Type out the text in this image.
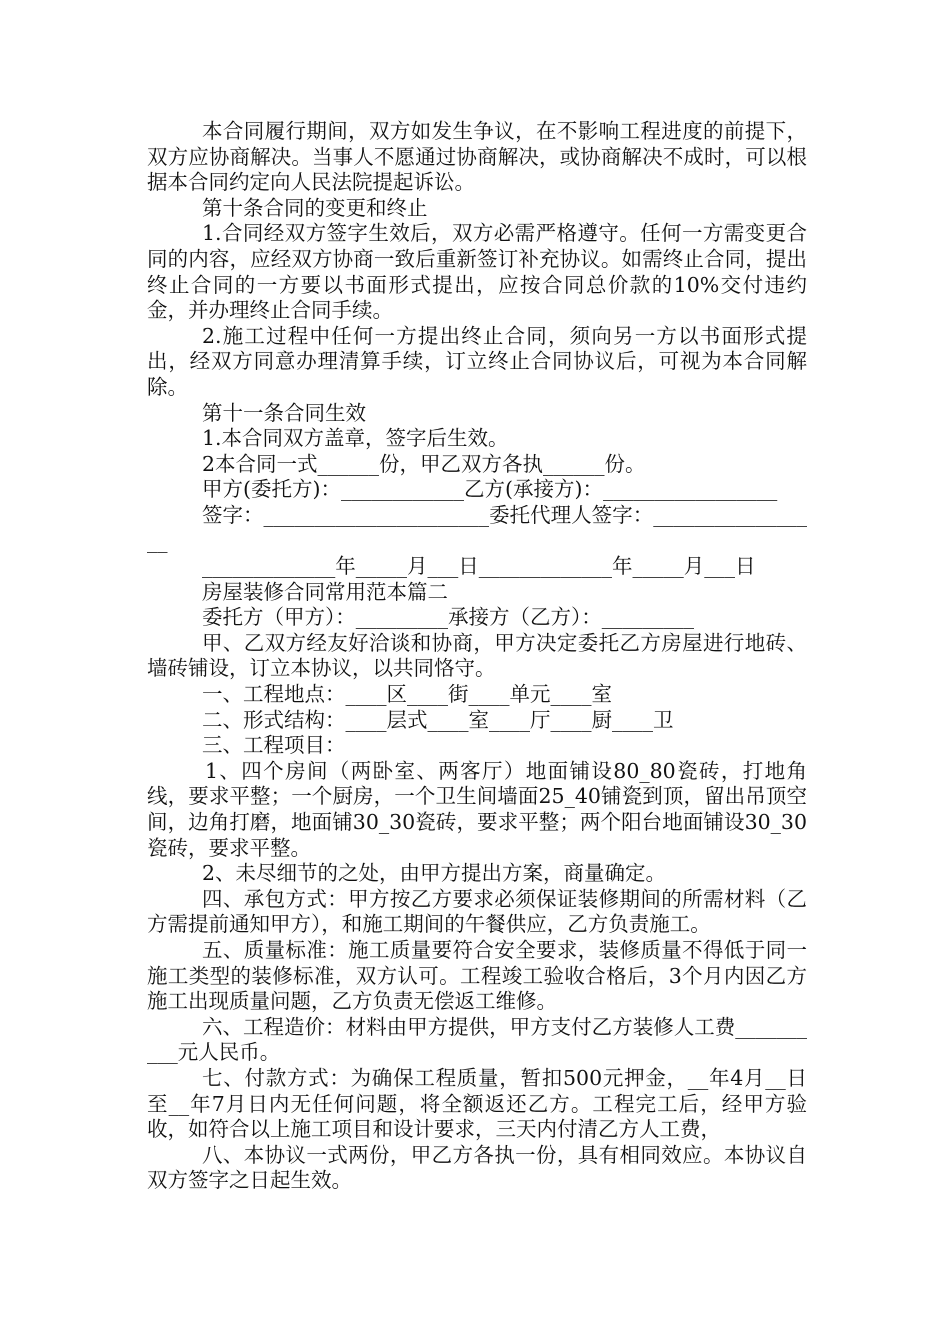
本合同履行期间，双方如发生争议，在不影响工程进度的前提下，双方应协商解决。当事人不愿通过协商解决，或协商解决不成时，可以根据本合同约定向人民法院提起诉讼。

第十条合同的变更和终止

1.合同经双方签字生效后，双方必需严格遵守。任何一方需变更合同的内容，应经双方协商一致后重新签订补充协议。如需终止合同，提出终止合同的一方要以书面形式提出，应按合同总价款的10%交付违约金，并办理终止合同手续。

2.施工过程中任何一方提出终止合同，须向另一方以书面形式提出，经双方同意办理清算手续，订立终止合同协议后，可视为本合同解除。

第十一条合同生效

1.本合同双方盖章，签字后生效。

2本合同一式______份，甲乙双方各执______份。

甲方(委托方)：____________乙方(承接方)：_________________

签字：______________________委托代理人签字：_________________

_____________年_____月___日_____________年_____月___日

房屋装修合同常用范本篇二

委托方（甲方）：_________承接方（乙方）：_________

甲、乙双方经友好洽谈和协商，甲方决定委托乙方房屋进行地砖、墙砖铺设，订立本协议，以共同恪守。

一、工程地点：____区____街____单元____室

二、形式结构：____层式____室____厅____厨____卫

三、工程项目：

1、四个房间（两卧室、两客厅）地面铺设80_80瓷砖，打地角线，要求平整；一个厨房，一个卫生间墙面25_40铺瓷到顶，留出吊顶空间，边角打磨，地面铺30_30瓷砖，要求平整；两个阳台地面铺设30_30瓷砖，要求平整。

2、未尽细节的之处，由甲方提出方案，商量确定。

四、承包方式：甲方按乙方要求必须保证装修期间的所需材料（乙方需提前通知甲方），和施工期间的午餐供应，乙方负责施工。

五、质量标准：施工质量要符合安全要求，装修质量不得低于同一施工类型的装修标准，双方认可。工程竣工验收合格后，3个月内因乙方施工出现质量问题，乙方负责无偿返工维修。

六、工程造价：材料由甲方提供，甲方支付乙方装修人工费__________元人民币。

七、付款方式：为确保工程质量，暂扣500元押金，__年4月__日至__年7月日内无任何问题，将全额返还乙方。工程完工后，经甲方验收，如符合以上施工项目和设计要求，三天内付清乙方人工费，

八、本协议一式两份，甲乙方各执一份，具有相同效应。本协议自双方签字之日起生效。
